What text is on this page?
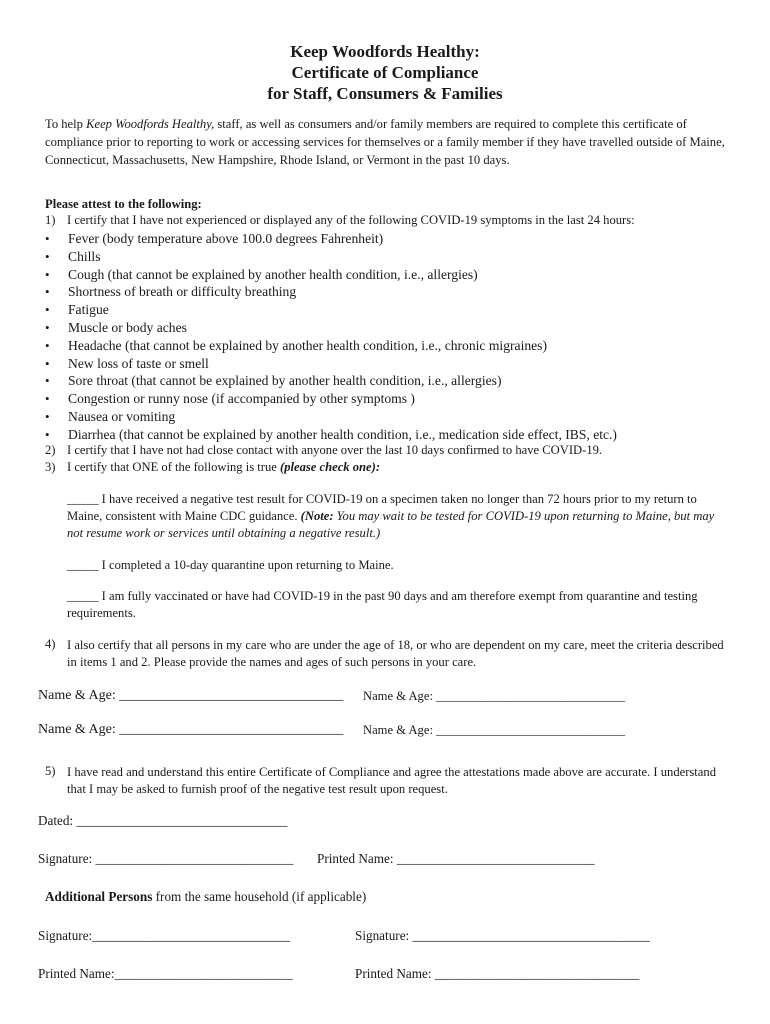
Keep Woodfords Healthy:
Certificate of Compliance
for Staff, Consumers & Families
To help Keep Woodfords Healthy, staff, as well as consumers and/or family members are required to complete this certificate of compliance prior to reporting to work or accessing services for themselves or a family member if they have travelled outside of Maine, Connecticut, Massachusetts, New Hampshire, Rhode Island, or Vermont in the past 10 days.
Please attest to the following:
1) I certify that I have not experienced or displayed any of the following COVID-19 symptoms in the last 24 hours:
• Fever (body temperature above 100.0 degrees Fahrenheit)
• Chills
• Cough (that cannot be explained by another health condition, i.e., allergies)
• Shortness of breath or difficulty breathing
• Fatigue
• Muscle or body aches
• Headache (that cannot be explained by another health condition, i.e., chronic migraines)
• New loss of taste or smell
• Sore throat (that cannot be explained by another health condition, i.e., allergies)
• Congestion or runny nose (if accompanied by other symptoms )
• Nausea or vomiting
• Diarrhea (that cannot be explained by another health condition, i.e., medication side effect, IBS, etc.)
2) I certify that I have not had close contact with anyone over the last 10 days confirmed to have COVID-19.
3) I certify that ONE of the following is true (please check one):
_____ I have received a negative test result for COVID-19 on a specimen taken no longer than 72 hours prior to my return to Maine, consistent with Maine CDC guidance. (Note: You may wait to be tested for COVID-19 upon returning to Maine, but may not resume work or services until obtaining a negative result.)
_____ I completed a 10-day quarantine upon returning to Maine.
_____ I am fully vaccinated or have had COVID-19 in the past 90 days and am therefore exempt from quarantine and testing requirements.
4) I also certify that all persons in my care who are under the age of 18, or who are dependent on my care, meet the criteria described in items 1 and 2. Please provide the names and ages of such persons in your care.
Name & Age: ________________________________ Name & Age: ______________________________
Name & Age: ________________________________ Name & Age: ______________________________
5) I have read and understand this entire Certificate of Compliance and agree the attestations made above are accurate. I understand that I may be asked to furnish proof of the negative test result upon request.
Dated: ________________________________
Signature: ______________________________ Printed Name: ______________________________
Additional Persons from the same household (if applicable)
Signature:______________________________	Signature: ____________________________________
Printed Name:___________________________	Printed Name: _______________________________
